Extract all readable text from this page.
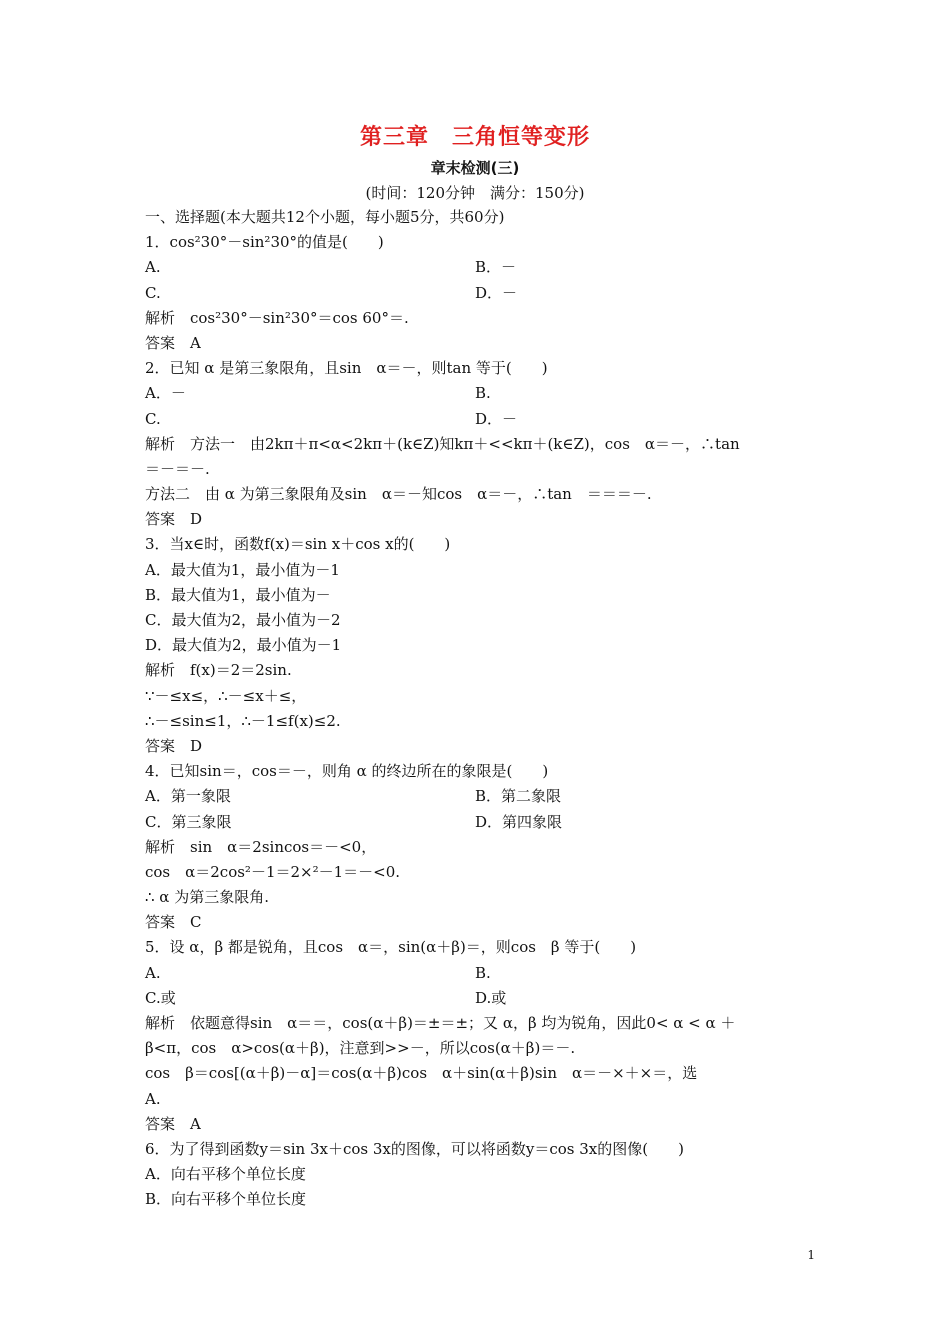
第三章　三角恒等变形
章末检测(三)
(时间：120分钟　满分：150分)
一、选择题(本大题共12个小题，每小题5分，共60分)
1．cos²30°－sin²30°的值是(　　)
A.	B．－
C.	D．－
解析　cos²30°－sin²30°＝cos 60°＝.
答案　A
2．已知 α 是第三象限角，且sin　α＝－，则tan 等于(　　)
A．－	B.
C.	D．－
解析　方法一　由2kπ＋π<α<2kπ＋(k∈Z)知kπ＋<<kπ＋(k∈Z)，cos　α＝－，∴tan
＝－＝－.
方法二　由 α 为第三象限角及sin　α＝－知cos　α＝－，∴tan　＝＝＝－.
答案　D
3．当x∈时，函数f(x)＝sin x＋cos x的(　　)
A．最大值为1，最小值为－1
B．最大值为1，最小值为－
C．最大值为2，最小值为－2
D．最大值为2，最小值为－1
解析　f(x)＝2＝2sin.
∵－≤x≤，∴－≤x＋≤，
∴－≤sin≤1，∴－1≤f(x)≤2.
答案　D
4．已知sin＝，cos＝－，则角 α 的终边所在的象限是(　　)
A．第一象限	B．第二象限
C．第三象限	D．第四象限
解析　sin　α＝2sincos＝－<0，
cos　α＝2cos²－1＝2×²－1＝－<0.
∴ α 为第三象限角.
答案　C
5．设 α，β 都是锐角，且cos　α＝，sin(α＋β)＝，则cos　β 等于(　　)
A.	B.
C.或	D.或
解析　依题意得sin　α＝＝，cos(α＋β)＝±＝±；又 α，β 均为锐角，因此0< α < α ＋
β<π，cos　α>cos(α＋β)，注意到>>－，所以cos(α＋β)＝－.
cos　β＝cos[(α＋β)－α]＝cos(α＋β)cos　α＋sin(α＋β)sin　α＝－×＋×＝，选
A.
答案　A
6．为了得到函数y＝sin 3x＋cos 3x的图像，可以将函数y＝cos 3x的图像(　　)
A．向右平移个单位长度
B．向右平移个单位长度
1
